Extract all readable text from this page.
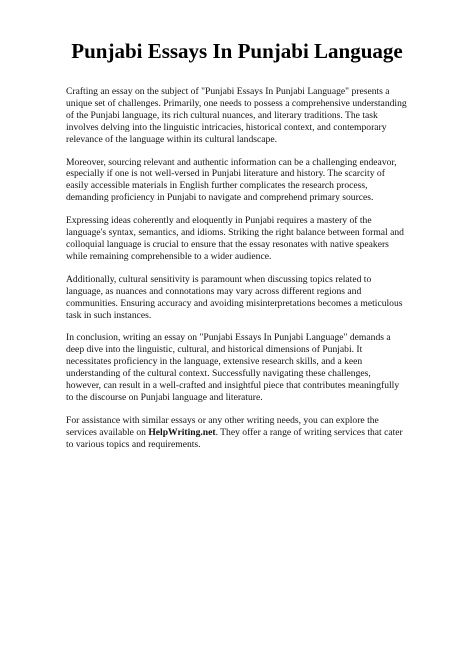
Punjabi Essays In Punjabi Language

Crafting an essay on the subject of "Punjabi Essays In Punjabi Language" presents a unique set of challenges. Primarily, one needs to possess a comprehensive understanding of the Punjabi language, its rich cultural nuances, and literary traditions. The task involves delving into the linguistic intricacies, historical context, and contemporary relevance of the language within its cultural landscape.

Moreover, sourcing relevant and authentic information can be a challenging endeavor, especially if one is not well-versed in Punjabi literature and history. The scarcity of easily accessible materials in English further complicates the research process, demanding proficiency in Punjabi to navigate and comprehend primary sources.

Expressing ideas coherently and eloquently in Punjabi requires a mastery of the language's syntax, semantics, and idioms. Striking the right balance between formal and colloquial language is crucial to ensure that the essay resonates with native speakers while remaining comprehensible to a wider audience.

Additionally, cultural sensitivity is paramount when discussing topics related to language, as nuances and connotations may vary across different regions and communities. Ensuring accuracy and avoiding misinterpretations becomes a meticulous task in such instances.

In conclusion, writing an essay on "Punjabi Essays In Punjabi Language" demands a deep dive into the linguistic, cultural, and historical dimensions of Punjabi. It necessitates proficiency in the language, extensive research skills, and a keen understanding of the cultural context. Successfully navigating these challenges, however, can result in a well-crafted and insightful piece that contributes meaningfully to the discourse on Punjabi language and literature.

For assistance with similar essays or any other writing needs, you can explore the services available on HelpWriting.net. They offer a range of writing services that cater to various topics and requirements.
